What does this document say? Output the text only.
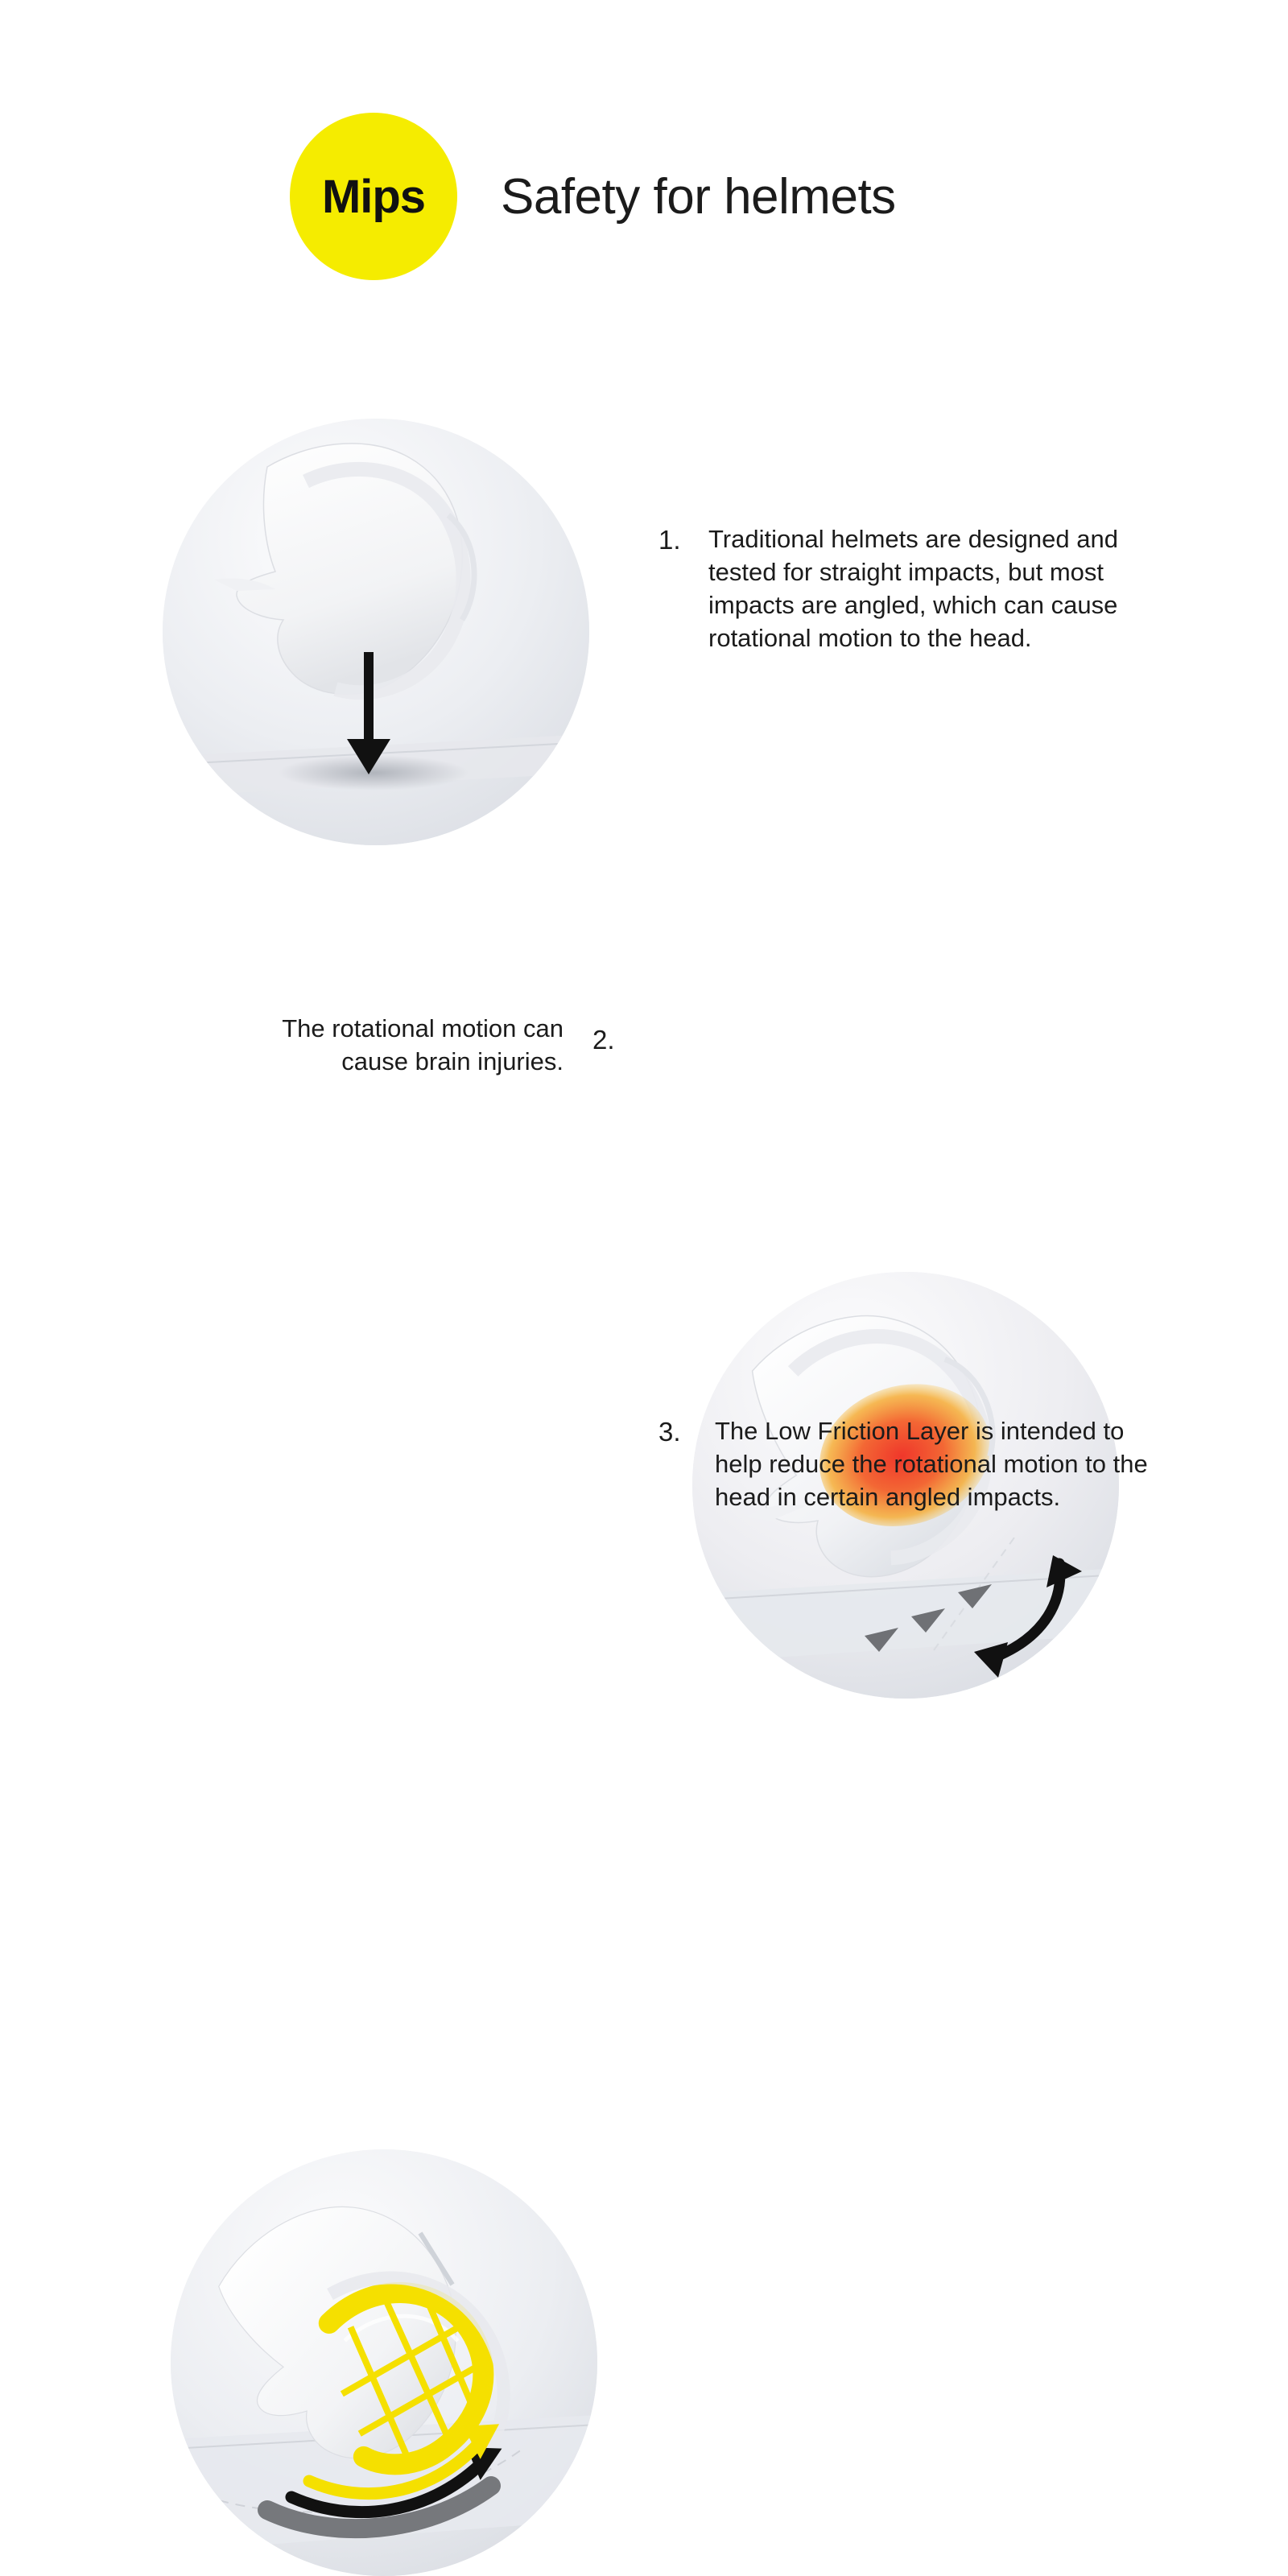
Mips Safety for helmets
1. Traditional helmets are designed and tested for straight impacts, but most impacts are angled, which can cause rotational motion to the head.
2.
The rotational motion can cause brain injuries.
3. The Low Friction Layer is intended to help reduce the rotational motion to the head in certain angled impacts.
